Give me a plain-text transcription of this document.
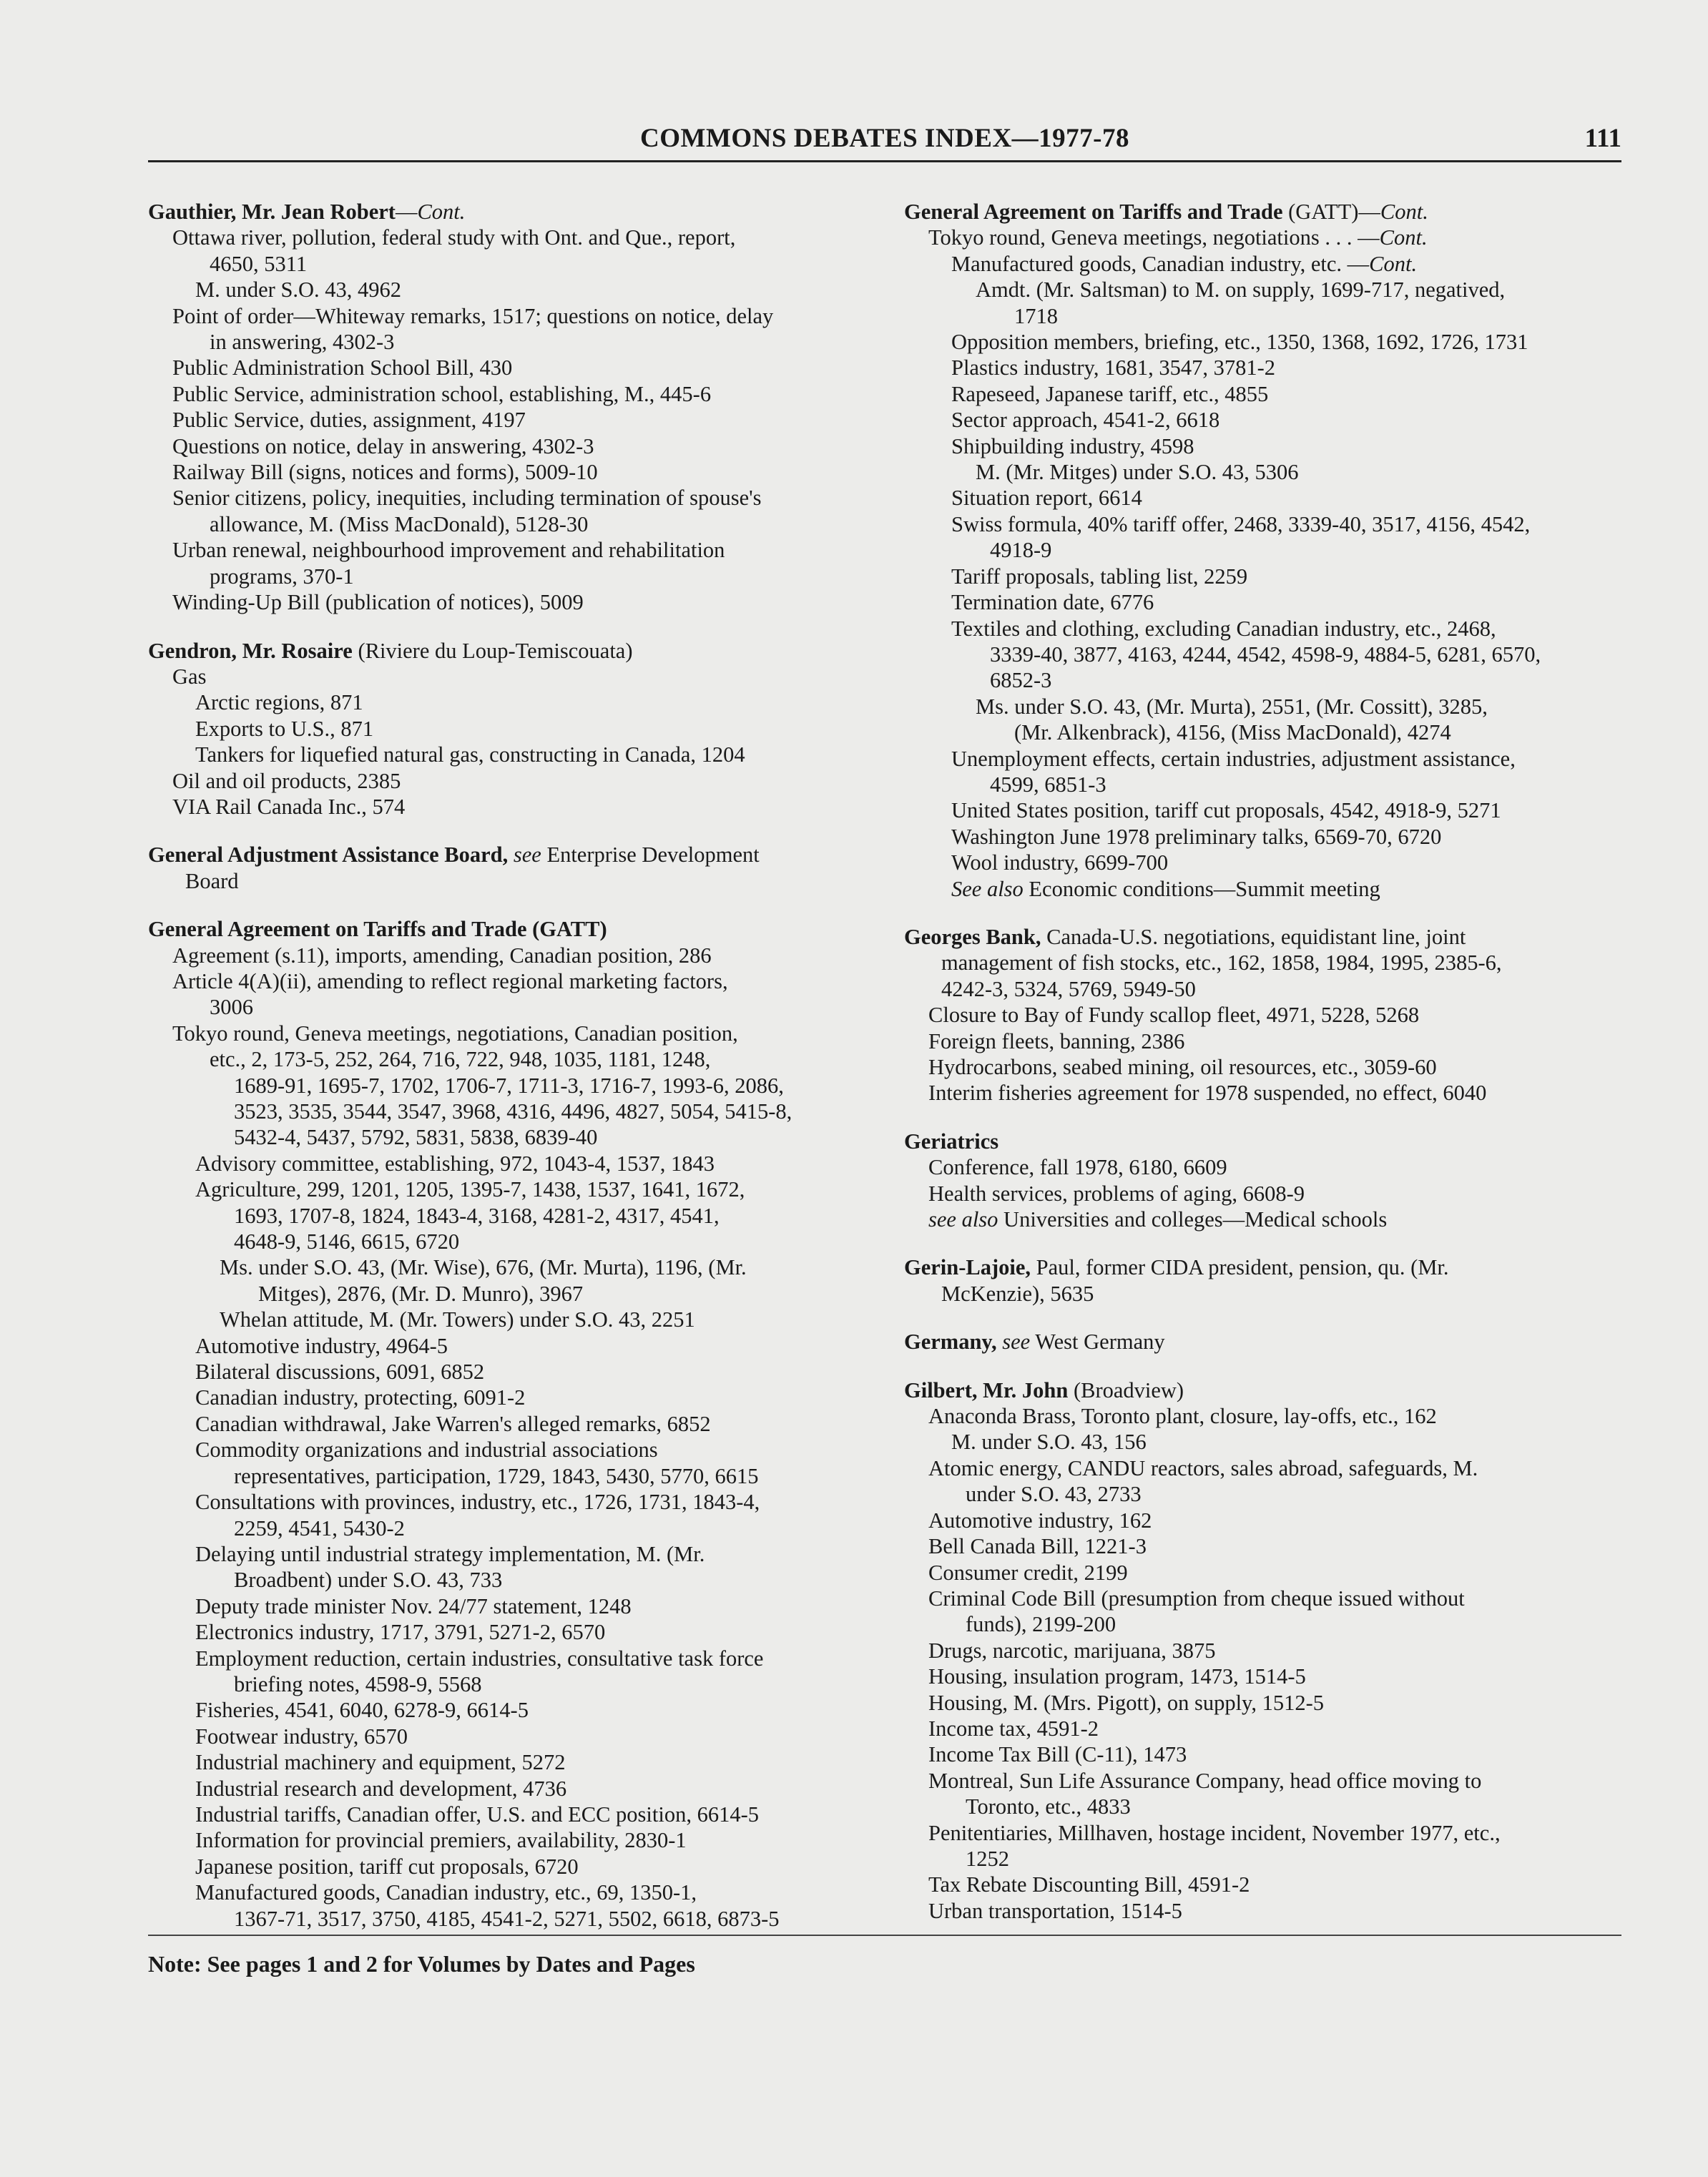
COMMONS DEBATES INDEX—1977-78	111
Gauthier, Mr. Jean Robert—Cont.
Ottawa river, pollution, federal study with Ont. and Que., report,
4650, 5311
M. under S.O. 43, 4962
Point of order—Whiteway remarks, 1517; questions on notice, delay
in answering, 4302-3
Public Administration School Bill, 430
Public Service, administration school, establishing, M., 445-6
Public Service, duties, assignment, 4197
Questions on notice, delay in answering, 4302-3
Railway Bill (signs, notices and forms), 5009-10
Senior citizens, policy, inequities, including termination of spouse's
allowance, M. (Miss MacDonald), 5128-30
Urban renewal, neighbourhood improvement and rehabilitation
programs, 370-1
Winding-Up Bill (publication of notices), 5009
Gendron, Mr. Rosaire (Riviere du Loup-Temiscouata)
Gas
Arctic regions, 871
Exports to U.S., 871
Tankers for liquefied natural gas, constructing in Canada, 1204
Oil and oil products, 2385
VIA Rail Canada Inc., 574
General Adjustment Assistance Board, see Enterprise Development
Board
General Agreement on Tariffs and Trade (GATT)
Agreement (s.11), imports, amending, Canadian position, 286
Article 4(A)(ii), amending to reflect regional marketing factors,
3006
Tokyo round, Geneva meetings, negotiations, Canadian position,
etc., 2, 173-5, 252, 264, 716, 722, 948, 1035, 1181, 1248,
1689-91, 1695-7, 1702, 1706-7, 1711-3, 1716-7, 1993-6, 2086,
3523, 3535, 3544, 3547, 3968, 4316, 4496, 4827, 5054, 5415-8,
5432-4, 5437, 5792, 5831, 5838, 6839-40
Advisory committee, establishing, 972, 1043-4, 1537, 1843
Agriculture, 299, 1201, 1205, 1395-7, 1438, 1537, 1641, 1672,
1693, 1707-8, 1824, 1843-4, 3168, 4281-2, 4317, 4541,
4648-9, 5146, 6615, 6720
Ms. under S.O. 43, (Mr. Wise), 676, (Mr. Murta), 1196, (Mr.
Mitges), 2876, (Mr. D. Munro), 3967
Whelan attitude, M. (Mr. Towers) under S.O. 43, 2251
Automotive industry, 4964-5
Bilateral discussions, 6091, 6852
Canadian industry, protecting, 6091-2
Canadian withdrawal, Jake Warren's alleged remarks, 6852
Commodity organizations and industrial associations
representatives, participation, 1729, 1843, 5430, 5770, 6615
Consultations with provinces, industry, etc., 1726, 1731, 1843-4,
2259, 4541, 5430-2
Delaying until industrial strategy implementation, M. (Mr.
Broadbent) under S.O. 43, 733
Deputy trade minister Nov. 24/77 statement, 1248
Electronics industry, 1717, 3791, 5271-2, 6570
Employment reduction, certain industries, consultative task force
briefing notes, 4598-9, 5568
Fisheries, 4541, 6040, 6278-9, 6614-5
Footwear industry, 6570
Industrial machinery and equipment, 5272
Industrial research and development, 4736
Industrial tariffs, Canadian offer, U.S. and ECC position, 6614-5
Information for provincial premiers, availability, 2830-1
Japanese position, tariff cut proposals, 6720
Manufactured goods, Canadian industry, etc., 69, 1350-1,
1367-71, 3517, 3750, 4185, 4541-2, 5271, 5502, 6618, 6873-5
General Agreement on Tariffs and Trade (GATT)—Cont.
Tokyo round, Geneva meetings, negotiations . . . —Cont.
Manufactured goods, Canadian industry, etc. —Cont.
Amdt. (Mr. Saltsman) to M. on supply, 1699-717, negatived,
1718
Opposition members, briefing, etc., 1350, 1368, 1692, 1726, 1731
Plastics industry, 1681, 3547, 3781-2
Rapeseed, Japanese tariff, etc., 4855
Sector approach, 4541-2, 6618
Shipbuilding industry, 4598
M. (Mr. Mitges) under S.O. 43, 5306
Situation report, 6614
Swiss formula, 40% tariff offer, 2468, 3339-40, 3517, 4156, 4542,
4918-9
Tariff proposals, tabling list, 2259
Termination date, 6776
Textiles and clothing, excluding Canadian industry, etc., 2468,
3339-40, 3877, 4163, 4244, 4542, 4598-9, 4884-5, 6281, 6570,
6852-3
Ms. under S.O. 43, (Mr. Murta), 2551, (Mr. Cossitt), 3285,
(Mr. Alkenbrack), 4156, (Miss MacDonald), 4274
Unemployment effects, certain industries, adjustment assistance,
4599, 6851-3
United States position, tariff cut proposals, 4542, 4918-9, 5271
Washington June 1978 preliminary talks, 6569-70, 6720
Wool industry, 6699-700
See also Economic conditions—Summit meeting
Georges Bank, Canada-U.S. negotiations, equidistant line, joint
management of fish stocks, etc., 162, 1858, 1984, 1995, 2385-6,
4242-3, 5324, 5769, 5949-50
Closure to Bay of Fundy scallop fleet, 4971, 5228, 5268
Foreign fleets, banning, 2386
Hydrocarbons, seabed mining, oil resources, etc., 3059-60
Interim fisheries agreement for 1978 suspended, no effect, 6040
Geriatrics
Conference, fall 1978, 6180, 6609
Health services, problems of aging, 6608-9
see also Universities and colleges—Medical schools
Gerin-Lajoie, Paul, former CIDA president, pension, qu. (Mr.
McKenzie), 5635
Germany, see West Germany
Gilbert, Mr. John (Broadview)
Anaconda Brass, Toronto plant, closure, lay-offs, etc., 162
M. under S.O. 43, 156
Atomic energy, CANDU reactors, sales abroad, safeguards, M.
under S.O. 43, 2733
Automotive industry, 162
Bell Canada Bill, 1221-3
Consumer credit, 2199
Criminal Code Bill (presumption from cheque issued without
funds), 2199-200
Drugs, narcotic, marijuana, 3875
Housing, insulation program, 1473, 1514-5
Housing, M. (Mrs. Pigott), on supply, 1512-5
Income tax, 4591-2
Income Tax Bill (C-11), 1473
Montreal, Sun Life Assurance Company, head office moving to
Toronto, etc., 4833
Penitentiaries, Millhaven, hostage incident, November 1977, etc.,
1252
Tax Rebate Discounting Bill, 4591-2
Urban transportation, 1514-5
Note: See pages 1 and 2 for Volumes by Dates and Pages
